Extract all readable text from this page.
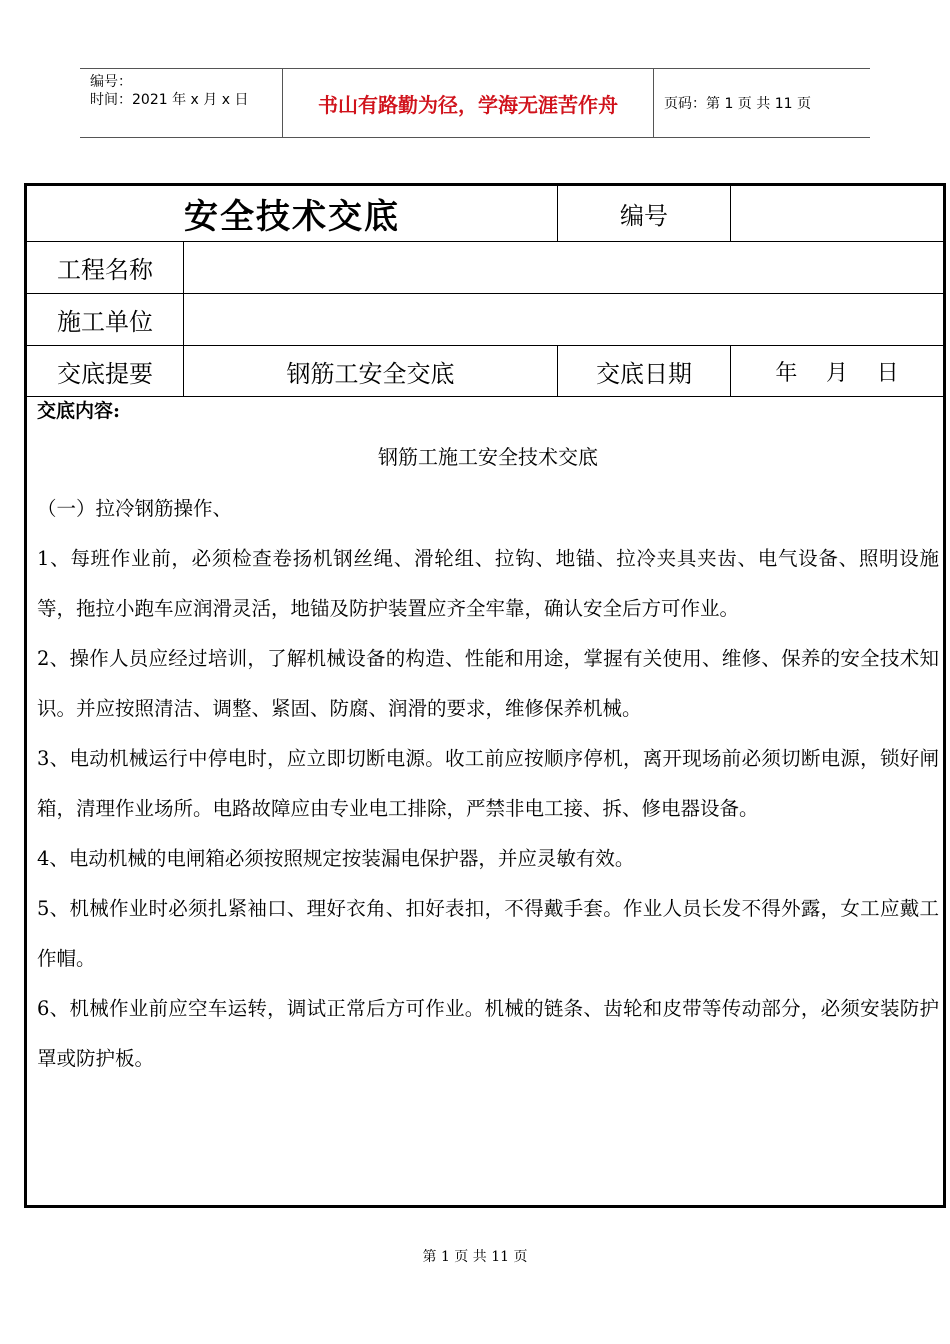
编号：
时间：2021 年 x 月 x 日	书山有路勤为径，学海无涯苦作舟	页码：第 1 页 共 11 页
安全技术交底	编号
工程名称
施工单位
交底提要	钢筋工安全交底	交底日期	年 月 日
交底内容:
钢筋工施工安全技术交底

（一）拉冷钢筋操作、

1、每班作业前，必须检查卷扬机钢丝绳、滑轮组、拉钩、地锚、拉冷夹具夹齿、电气设备、照明设施等，拖拉小跑车应润滑灵活，地锚及防护装置应齐全牢靠，确认安全后方可作业。

2、操作人员应经过培训，了解机械设备的构造、性能和用途，掌握有关使用、维修、保养的安全技术知识。并应按照清洁、调整、紧固、防腐、润滑的要求，维修保养机械。

3、电动机械运行中停电时，应立即切断电源。收工前应按顺序停机，离开现场前必须切断电源，锁好闸箱，清理作业场所。电路故障应由专业电工排除，严禁非电工接、拆、修电器设备。

4、电动机械的电闸箱必须按照规定按装漏电保护器，并应灵敏有效。

5、机械作业时必须扎紧袖口、理好衣角、扣好表扣，不得戴手套。作业人员长发不得外露，女工应戴工作帽。

6、机械作业前应空车运转，调试正常后方可作业。机械的链条、齿轮和皮带等传动部分，必须安装防护罩或防护板。

第 1 页 共 11 页
